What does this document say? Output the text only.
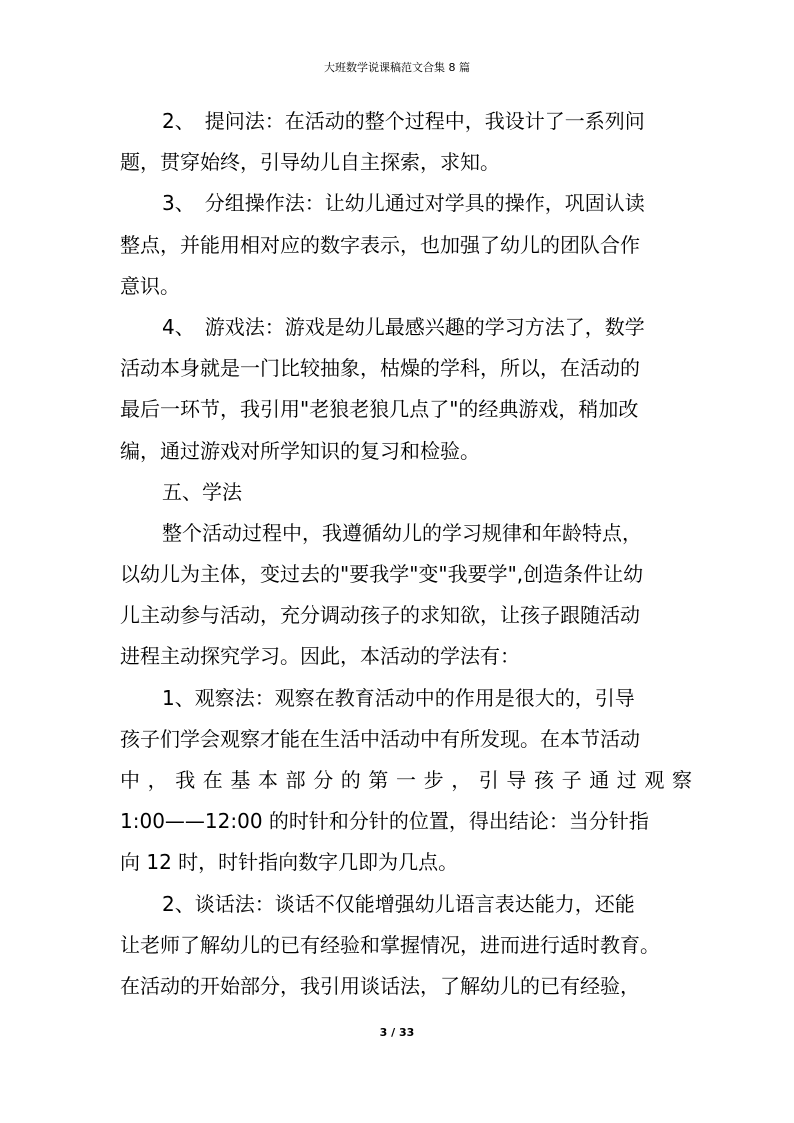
大班数学说课稿范文合集 8 篇
2、　提问法：在活动的整个过程中，我设计了一系列问
题，贯穿始终，引导幼儿自主探索，求知。
3、　分组操作法：让幼儿通过对学具的操作，巩固认读
整点，并能用相对应的数字表示，也加强了幼儿的团队合作
意识。
4、　游戏法：游戏是幼儿最感兴趣的学习方法了，数学
活动本身就是一门比较抽象，枯燥的学科，所以，在活动的
最后一环节，我引用"老狼老狼几点了"的经典游戏，稍加改
编，通过游戏对所学知识的复习和检验。
五、学法
整个活动过程中，我遵循幼儿的学习规律和年龄特点，
以幼儿为主体，变过去的"要我学"变"我要学",创造条件让幼
儿主动参与活动，充分调动孩子的求知欲，让孩子跟随活动
进程主动探究学习。因此，本活动的学法有：
1、观察法：观察在教育活动中的作用是很大的，引导
孩子们学会观察才能在生活中活动中有所发现。在本节活动
中，我在基本部分的第一步，引导孩子通过观察
1:00——12:00 的时针和分针的位置，得出结论：当分针指
向 12 时，时针指向数字几即为几点。
2、谈话法：谈话不仅能增强幼儿语言表达能力，还能
让老师了解幼儿的已有经验和掌握情况，进而进行适时教育。
在活动的开始部分，我引用谈话法，了解幼儿的已有经验，
3 / 33
